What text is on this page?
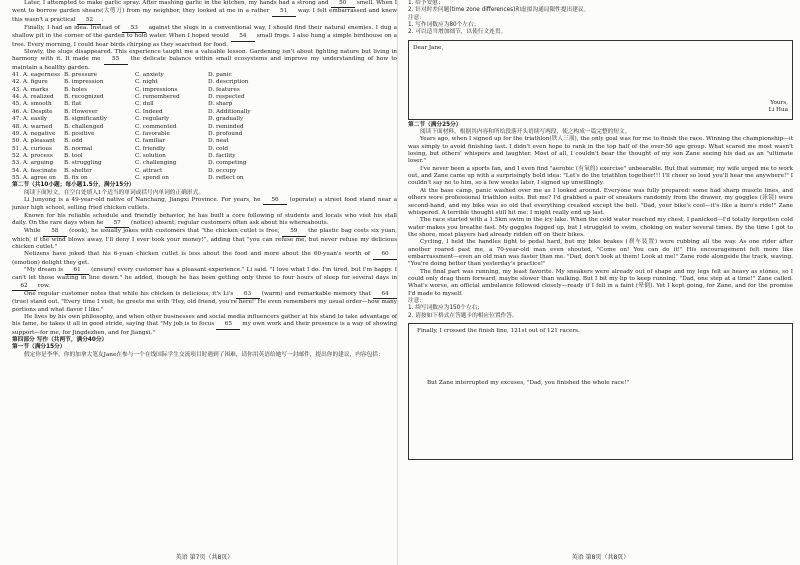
Later, I attempted to make garlic spray. After mashing garlic in the kitchen, my hands had a strong and 50 smell. When I went to borrow garden shears(大剪刀) from my neighbor, they looked at me in a rather 51 way. I felt embarrassed and knew this wasn't a practical 52 .

Finally, I had an idea. Instead of 53 against the slugs in a conventional way, I should find their natural enemies. I dug a shallow pit in the corner of the garden to hold water. When I hoped would 54 small frogs. I also hung a simple birdhouse on a tree. Every morning, I could hear birds chirping as they searched for food.

Slowly, the slugs disappeared. This experience taught me a valuable lesson. Gardening isn't about fighting nature but living in harmony with it. It made me 55 the delicate balance within small ecosystems and improve my understanding of how to maintain a healthy garden.

41. A. eagerness B. pressure	C. anxiety	D. panic
42. A. figure	B. impression	C. night	D. description
43. A. marks	B. holes	C. impressions	D. features
44. A. realized	B. recognized	C. remembered	D. respected
45. A. smooth	B. flat	C. dull	D. sharp
46. A. Despite	B. However	C. Indeed	D. Additionally
47. A. easily	B. significantly	C. regularly	D. gradually
48. A. warned	B. challenged	C. commented	D. reminded
49. A. negative	B. positive	C. favorable	D. profound
50. A. pleasant	B. odd	C. familiar	D. neat
51. A. curious	B. normal	C. friendly	D. cold
52. A. process	B. tool	C. solution	D. facility
53. A. arguing	B. struggling	C. challenging	D. competing
54. A. fascinate	B. shelter	C. attract	D. occupy
55. A. agree on	B. fix on	C. spend on	D. reflect on

第二节（共10小题；每小题1.5分，满分15分）

阅读下面短文，在空白处填入1个适当的单词或括号内单词的正确形式。

Li Junyong is a 49-year-old native of Nanchang, Jiangxi Province. For years, he 56 (operate) a street food stand near a junior high school, selling fried chicken cutlets.

Known for his reliable schedule and friendly behavior, he has built a core following of students and locals who visit his stall daily. On the rare days when he 57 (notice) absent, regular customers often ask about his whereabouts.

While 58 (cook), he usually jokes with customers that "the chicken cutlet is free, 59 the plastic bag costs six yuan, which, if the wind blows away, I'll deny I ever took your money!", adding that "you can refuse me, but never refuse my delicious chicken cutlet."

Netizens have joked that his 6-yuan chicken cutlet is less about the food and more about the 60-yuan's worth of 60 (emotion) delight they get.

"My dream is 61 (ensure) every customer has a pleasant experience." Li said. "I love what I do. I'm tired, but I'm happy. I can't let those waiting in line down." he added, though he has been getting only three to four hours of sleep for several days in 62 row.

One regular customer notes that while his chicken is delicious, it's Li's 63 (warm) and remarkable memory that 64 (true) stand out. "Every time I visit, he greets me with 'Hey, old friend, you're here!' He even remembers my usual order—how many portions and what flavor I like."

He lives by his own philosophy, and when other businesses and social media influencers gather at his stand to take advantage of his fame, he takes it all in good stride, saying that "My job is to focus 65 my own work and their presence is a way of showing support—for me, for Jingdezhen, and for Jiangxi."

第四部分 写作（共两节，满分40分）

第一节（满分15分）

假定你是李华，你的加拿大笔友Jane在参与一个在线国际学生交流项目时遇到了困难，请你用英语给她写一封邮件，提出你的建议，内容包括：

英语 第7页（共8页）

1. 给予安慰；

2. 针对时差问题(time zone differences)和虚拟沟通局限性提出建议。

注意：

1. 写作词数应为80个左右；

2. 可以适当增加细节，以使行文连贯。

Dear Jane,
Yours,
Li Hua

第二节（满分25分）

阅读下面材料，根据其内容和所给段落开头语续写两段，使之构成一篇完整的短文。

Years ago, when I signed up for the triathlon(铁人三项), the only goal was for me to finish the race. Winning the championship—it was simply to avoid finishing last. I didn't even hope to rank in the top half of the over-50 age group. What scared me most wasn't losing, but others' whispers and laughter. Most of all, I couldn't bear the thought of my son Zane seeing his dad as an "ultimate loser."

I've never been a sports fan, and I even find "aerobic (有氧的) exercise" unbearable. But that summer, my wife urged me to work out, and Zane came up with a surprisingly bold idea: "Let's do the triathlon together!!! I'll cheer so loud you'll hear me anywhere!" I couldn't say no to him, so a few weeks later, I signed up unwillingly.

At the base camp, panic washed over me as I looked around. Everyone was fully prepared: some had sharp muscle lines, and others wore professional triathlon suits. But me? I'd grabbed a pair of sneakers randomly from the drawer, my goggles (泳镜) were second-hand, and my bike was so old that everything creaked except the bell. "Dad, your bike's cool—it's like a hero's ride!" Zane whispered. A terrible thought still hit me: I might really end up last.

The race started with a 1.5km swim in the icy lake. When the cold water reached my chest, I panicked—I'd totally forgotten cold water makes you breathe fast. My goggles fogged up, but I struggled to swim, choking on water several times. By the time I got to the shore, most players had already ridden off on their bikes.

Cycling, I held the handles tight to pedal hard, but my bike brakes (刹车装置) were rubbing all the way. As one rider after another roared past me, a 70-year-old man even shouted, "Come on! You can do it!" His encouragement felt more like embarrassment—even an old man was faster than me. "Dad, don't look at them! Look at me!" Zane rode alongside the track, waving. "You're doing better than yesterday's practice!"

The final part was running, my least favorite. My sneakers were already out of shape and my legs felt as heavy as stones, so I could only drag them forward, maybe slower than walking. But I bit my lip to keep running. "Dad, one step at a time!" Zane called. What's worse, an official ambulance followed closely—ready if I fell in a faint (晕倒). Yet I kept going, for Zane, and for the promise I'd made to myself.

注意：

1. 续写词数应为150个左右；

2. 请按如下格式在答题卡的相应位置作答。

Finally, I crossed the finish line, 121st out of 121 racers.
But Zane interrupted my excuses, "Dad, you finished the whole race!"
英语 第8页（共8页）
